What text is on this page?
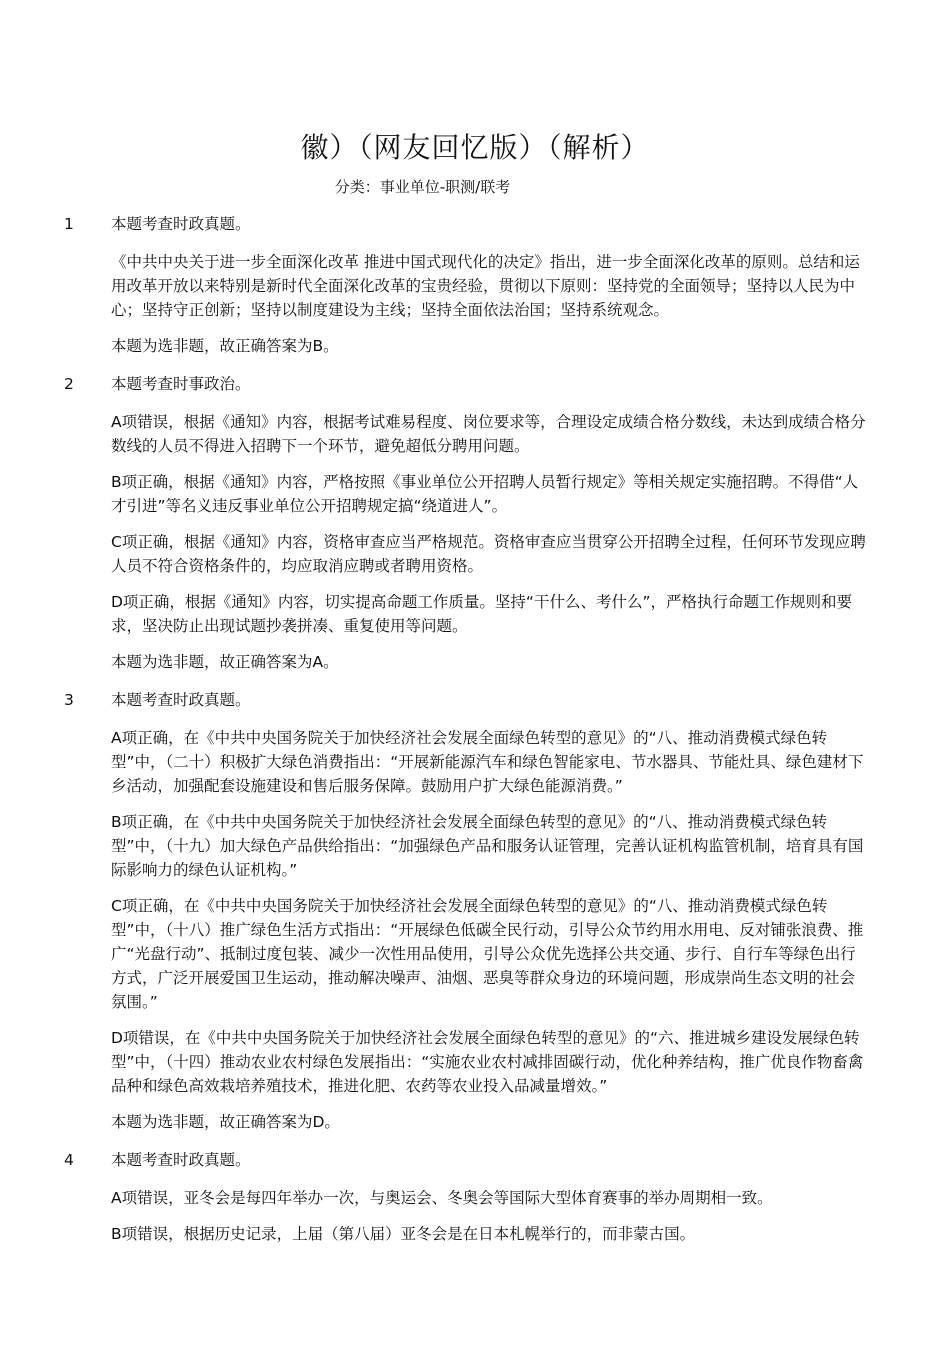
徽）（网友回忆版）（解析）
分类：事业单位-职测/联考
1 本题考查时政真题。

《中共中央关于进一步全面深化改革 推进中国式现代化的决定》指出，进一步全面深化改革的原则。总结和运用改革开放以来特别是新时代全面深化改革的宝贵经验，贯彻以下原则：坚持党的全面领导；坚持以人民为中心；坚持守正创新；坚持以制度建设为主线；坚持全面依法治国；坚持系统观念。

本题为选非题，故正确答案为B。

2 本题考查时事政治。

A项错误，根据《通知》内容，根据考试难易程度、岗位要求等，合理设定成绩合格分数线，未达到成绩合格分数线的人员不得进入招聘下一个环节，避免超低分聘用问题。

B项正确，根据《通知》内容，严格按照《事业单位公开招聘人员暂行规定》等相关规定实施招聘。不得借“人才引进”等名义违反事业单位公开招聘规定搞“绕道进人”。

C项正确，根据《通知》内容，资格审查应当严格规范。资格审查应当贯穿公开招聘全过程，任何环节发现应聘人员不符合资格条件的，均应取消应聘或者聘用资格。

D项正确，根据《通知》内容，切实提高命题工作质量。坚持“干什么、考什么”，严格执行命题工作规则和要求，坚决防止出现试题抄袭拼凑、重复使用等问题。

本题为选非题，故正确答案为A。

3 本题考查时政真题。

A项正确，在《中共中央国务院关于加快经济社会发展全面绿色转型的意见》的“八、推动消费模式绿色转型”中，（二十）积极扩大绿色消费指出：“开展新能源汽车和绿色智能家电、节水器具、节能灶具、绿色建材下乡活动，加强配套设施建设和售后服务保障。鼓励用户扩大绿色能源消费。”

B项正确，在《中共中央国务院关于加快经济社会发展全面绿色转型的意见》的“八、推动消费模式绿色转型”中，（十九）加大绿色产品供给指出：“加强绿色产品和服务认证管理，完善认证机构监管机制，培育具有国际影响力的绿色认证机构。”

C项正确，在《中共中央国务院关于加快经济社会发展全面绿色转型的意见》的“八、推动消费模式绿色转型”中，（十八）推广绿色生活方式指出：“开展绿色低碳全民行动，引导公众节约用水用电、反对铺张浪费、推广“光盘行动”、抵制过度包装、减少一次性用品使用，引导公众优先选择公共交通、步行、自行车等绿色出行方式，广泛开展爱国卫生运动，推动解决噪声、油烟、恶臭等群众身边的环境问题，形成崇尚生态文明的社会氛围。”

D项错误，在《中共中央国务院关于加快经济社会发展全面绿色转型的意见》的“六、推进城乡建设发展绿色转型”中，（十四）推动农业农村绿色发展指出：“实施农业农村减排固碳行动，优化种养结构，推广优良作物畜禽品种和绿色高效栽培养殖技术，推进化肥、农药等农业投入品减量增效。”

本题为选非题，故正确答案为D。

4 本题考查时政真题。

A项错误，亚冬会是每四年举办一次，与奥运会、冬奥会等国际大型体育赛事的举办周期相一致。

B项错误，根据历史记录，上届（第八届）亚冬会是在日本札幌举行的，而非蒙古国。
